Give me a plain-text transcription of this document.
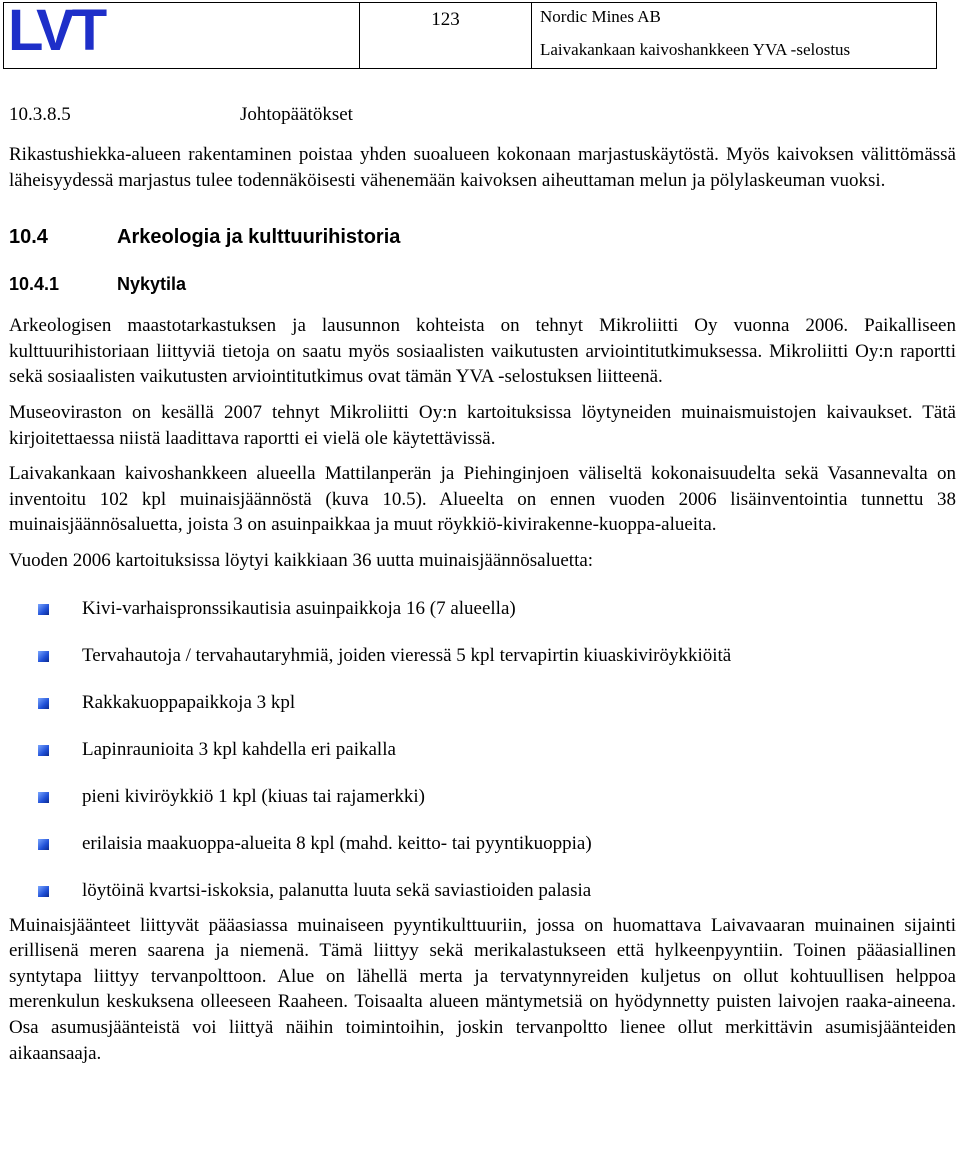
LVT	123	Nordic Mines AB
Laivakankaan kaivoshankkeen YVA -selostus
10.3.8.5	Johtopäätökset

Rikastushiekka-alueen rakentaminen poistaa yhden suoalueen kokonaan marjastuskäytöstä. Myös kaivoksen välittömässä läheisyydessä marjastus tulee todennäköisesti vähenemään kaivoksen aiheuttaman melun ja pölylaskeuman vuoksi.

10.4	Arkeologia ja kulttuurihistoria
10.4.1	Nykytila

Arkeologisen maastotarkastuksen ja lausunnon kohteista on tehnyt Mikroliitti Oy vuonna 2006. Paikalliseen kulttuurihistoriaan liittyviä tietoja on saatu myös sosiaalisten vaikutusten arviointitutkimuksessa. Mikroliitti Oy:n raportti sekä sosiaalisten vaikutusten arviointitutkimus ovat tämän YVA -selostuksen liitteenä.

Museoviraston on kesällä 2007 tehnyt Mikroliitti Oy:n kartoituksissa löytyneiden muinaismuistojen kaivaukset. Tätä kirjoitettaessa niistä laadittava raportti ei vielä ole käytettävissä.

Laivakankaan kaivoshankkeen alueella Mattilanperän ja Piehinginjoen väliseltä kokonaisuudelta sekä Vasannevalta on inventoitu 102 kpl muinaisjäännöstä (kuva 10.5). Alueelta on ennen vuoden 2006 lisäinventointia tunnettu 38 muinaisjäännösaluetta, joista 3 on asuinpaikkaa ja muut röykkiö-kivirakenne-kuoppa-alueita.

Vuoden 2006 kartoituksissa löytyi kaikkiaan 36 uutta muinaisjäännösaluetta:

Kivi-varhaispronssikautisia asuinpaikkoja 16 (7 alueella)
Tervahautoja / tervahautaryhmiä, joiden vieressä 5 kpl tervapirtin kiuaskiviröykkiöitä
Rakkakuoppapaikkoja 3 kpl
Lapinraunioita 3 kpl kahdella eri paikalla
pieni kiviröykkiö 1 kpl (kiuas tai rajamerkki)
erilaisia maakuoppa-alueita 8 kpl (mahd. keitto- tai pyyntikuoppia)
löytöinä kvartsi-iskoksia, palanutta luuta sekä saviastioiden palasia

Muinaisjäänteet liittyvät pääasiassa muinaiseen pyyntikulttuuriin, jossa on huomattava Laivavaaran muinainen sijainti erillisenä meren saarena ja niemenä. Tämä liittyy sekä merikalastukseen että hylkeenpyyntiin. Toinen pääasiallinen syntytapa liittyy tervanpolttoon. Alue on lähellä merta ja tervatynnyreiden kuljetus on ollut kohtuullisen helppoa merenkulun keskuksena olleeseen Raaheen. Toisaalta alueen mäntymetsiä on hyödynnetty puisten laivojen raaka-aineena. Osa asumusjäänteistä voi liittyä näihin toimintoihin, joskin tervanpoltto lienee ollut merkittävin asumisjäänteiden aikaansaaja.
